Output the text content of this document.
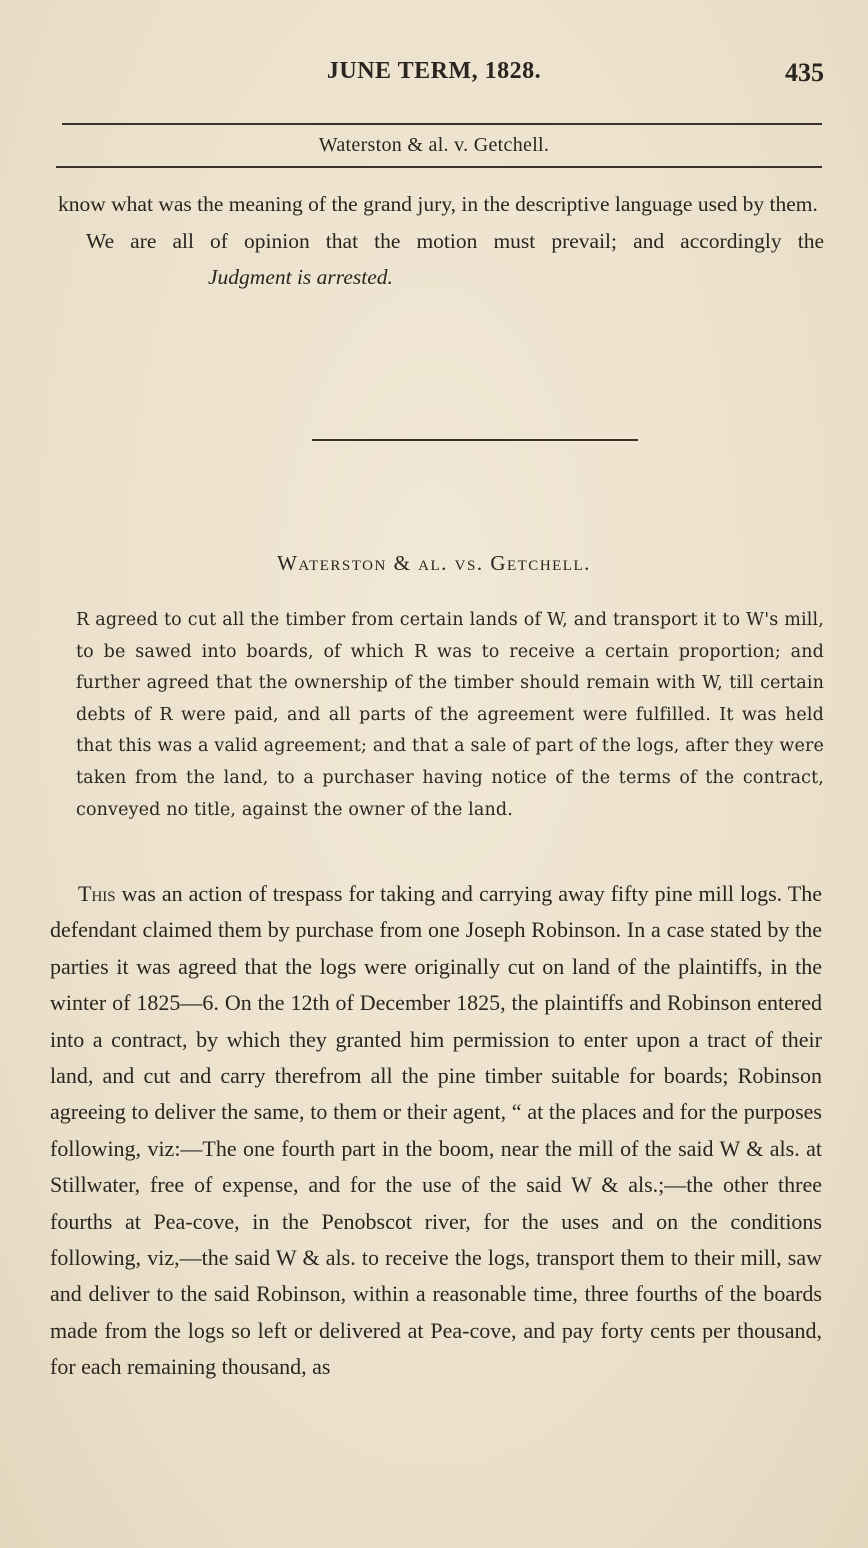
JUNE TERM, 1828.	435
Waterston & al. v. Getchell.

know what was the meaning of the grand jury, in the descriptive language used by them.

We are all of opinion that the motion must prevail; and accordingly theJudgment is arrested.

Waterston & al. vs. Getchell.

R agreed to cut all the timber from certain lands of W, and transport it to W's mill, to be sawed into boards, of which R was to receive a certain proportion; and further agreed that the ownership of the timber should remain with W, till certain debts of R were paid, and all parts of the agreement were fulfilled. It was held that this was a valid agreement; and that a sale of part of the logs, after they were taken from the land, to a purchaser having notice of the terms of the contract, conveyed no title, against the owner of the land.

This was an action of trespass for taking and carrying away fifty pine mill logs. The defendant claimed them by purchase from one Joseph Robinson. In a case stated by the parties it was agreed that the logs were originally cut on land of the plaintiffs, in the winter of 1825—6. On the 12th of December 1825, the plaintiffs and Robinson entered into a contract, by which they granted him permission to enter upon a tract of their land, and cut and carry therefrom all the pine timber suitable for boards; Robinson agreeing to deliver the same, to them or their agent, “ at the places and for the purposes following, viz:—The one fourth part in the boom, near the mill of the said W & als. at Stillwater, free of expense, and for the use of the said W & als.;—the other three fourths at Pea-cove, in the Penobscot river, for the uses and on the conditions following, viz,—the said W & als. to receive the logs, transport them to their mill, saw and deliver to the said Robinson, within a reasonable time, three fourths of the boards made from the logs so left or delivered at Pea-cove, and pay forty cents per thousand, for each remaining thousand, as
